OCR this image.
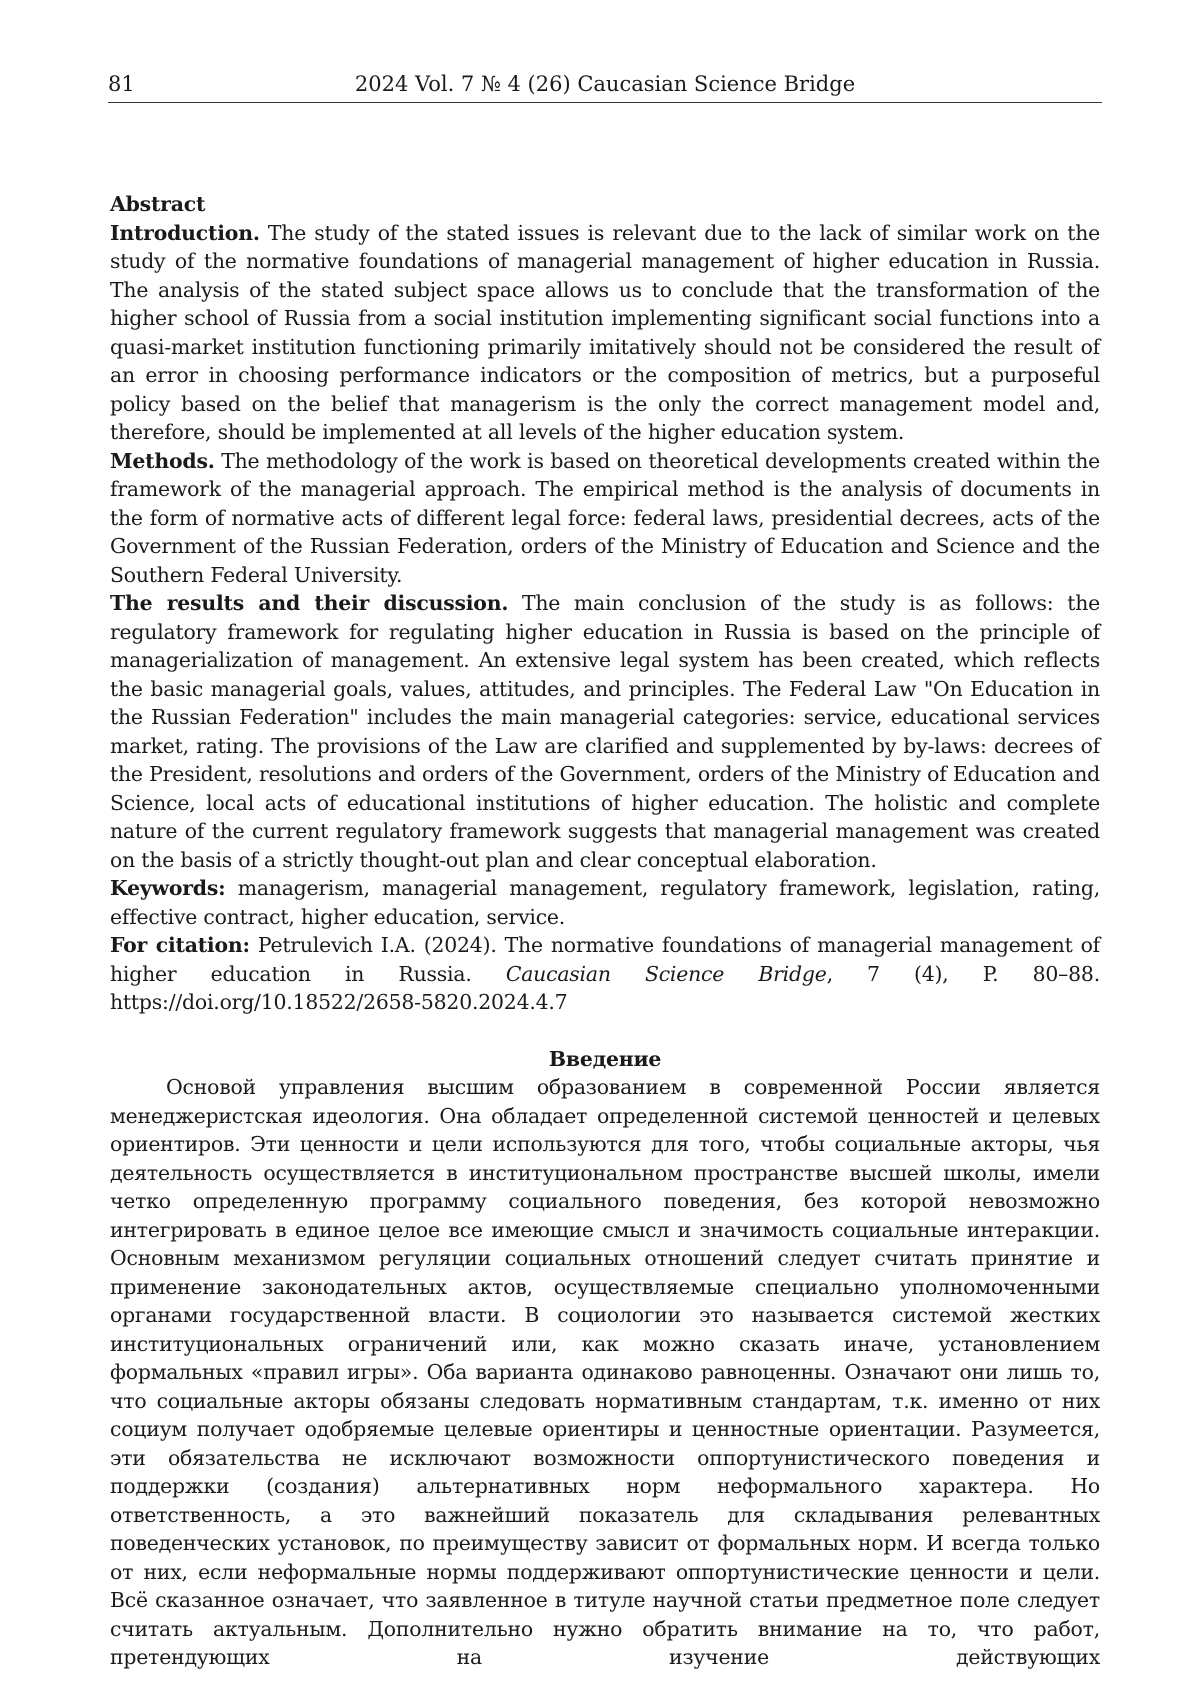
81	2024 Vol. 7 № 4 (26) Caucasian Science Bridge

Abstract

Introduction. The study of the stated issues is relevant due to the lack of similar work on the study of the normative foundations of managerial management of higher education in Russia. The analysis of the stated subject space allows us to conclude that the transformation of the higher school of Russia from a social institution implementing significant social functions into a quasi-market institution functioning primarily imitatively should not be considered the result of an error in choosing performance indicators or the composition of metrics, but a purposeful policy based on the belief that managerism is the only the correct management model and, therefore, should be implemented at all levels of the higher education system.

Methods. The methodology of the work is based on theoretical developments created within the framework of the managerial approach. The empirical method is the analysis of documents in the form of normative acts of different legal force: federal laws, presidential decrees, acts of the Government of the Russian Federation, orders of the Ministry of Education and Science and the Southern Federal University.

The results and their discussion. The main conclusion of the study is as follows: the regulatory framework for regulating higher education in Russia is based on the principle of managerialization of management. An extensive legal system has been created, which reflects the basic managerial goals, values, attitudes, and principles. The Federal Law "On Education in the Russian Federation" includes the main managerial categories: service, educational services market, rating. The provisions of the Law are clarified and supplemented by by-laws: decrees of the President, resolutions and orders of the Government, orders of the Ministry of Education and Science, local acts of educational institutions of higher education. The holistic and complete nature of the current regulatory framework suggests that managerial management was created on the basis of a strictly thought-out plan and clear conceptual elaboration.

Keywords: managerism, managerial management, regulatory framework, legislation, rating, effective contract, higher education, service.

For citation: Petrulevich I.A. (2024). The normative foundations of managerial management of higher education in Russia. Caucasian Science Bridge, 7 (4), P. 80–88. https://doi.org/10.18522/2658-5820.2024.4.7

Введение

Основой управления высшим образованием в современной России является менеджеристская идеология. Она обладает определенной системой ценностей и целевых ориентиров. Эти ценности и цели используются для того, чтобы социальные акторы, чья деятельность осуществляется в институциональном пространстве высшей школы, имели четко определенную программу социального поведения, без которой невозможно интегрировать в единое целое все имеющие смысл и значимость социальные интеракции. Основным механизмом регуляции социальных отношений следует считать принятие и применение законодательных актов, осуществляемые специально уполномоченными органами государственной власти. В социологии это называется системой жестких институциональных ограничений или, как можно сказать иначе, установлением формальных «правил игры». Оба варианта одинаково равноценны. Означают они лишь то, что социальные акторы обязаны следовать нормативным стандартам, т.к. именно от них социум получает одобряемые целевые ориентиры и ценностные ориентации. Разумеется, эти обязательства не исключают возможности оппортунистического поведения и поддержки (создания) альтернативных норм неформального характера. Но ответственность, а это важнейший показатель для складывания релевантных поведенческих установок, по преимуществу зависит от формальных норм. И всегда только от них, если неформальные нормы поддерживают оппортунистические ценности и цели. Всё сказанное означает, что заявленное в титуле научной статьи предметное поле следует считать актуальным. Дополнительно нужно обратить внимание на то, что работ, претендующих на изучение действующих
